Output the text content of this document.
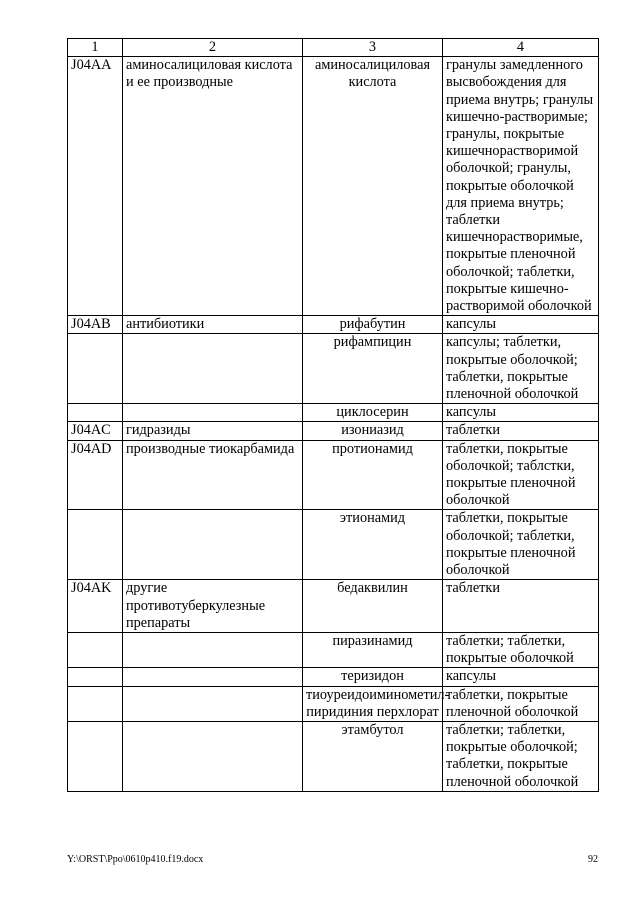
1	2	3	4
J04AA	аминосалициловая кислота и ее производные	аминосалициловая кислота	гранулы замедленного высвобождения для приема внутрь; гранулы кишечно-растворимые; гранулы, покрытые кишечнорастворимой оболочкой; гранулы, покрытые оболочкой для приема внутрь; таблетки кишечнорастворимые, покрытые пленочной оболочкой; таблетки, покрытые кишечно-растворимой оболочкой
J04AB	антибиотики	рифабутин	капсулы
		рифампицин	капсулы; таблетки, покрытые оболочкой; таблетки, покрытые пленочной оболочкой
		циклосерин	капсулы
J04AC	гидразиды	изониазид	таблетки
J04AD	производные тиокарбамида	протионамид	таблетки, покрытые оболочкой; таблстки, покрытые пленочной оболочкой
		этионамид	таблетки, покрытые оболочкой; таблетки, покрытые пленочной оболочкой
J04AK	другие противотуберкулезные препараты	бедаквилин	таблетки
		пиразинамид	таблетки; таблетки, покрытые оболочкой
		теризидон	капсулы
		тиоуреидоиминометил-пиридиния перхлорат	таблетки, покрытые пленочной оболочкой
		этамбутол	таблетки; таблетки, покрытые оболочкой; таблетки, покрытые пленочной оболочкой
Y:\ORST\Ppo\0610p410.f19.docx	92
